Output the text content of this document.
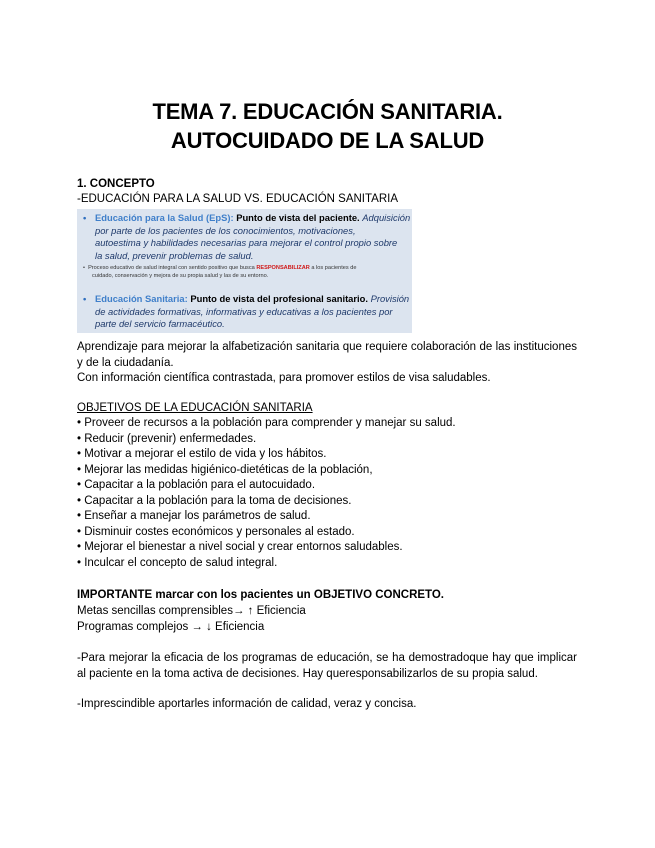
TEMA 7. EDUCACIÓN SANITARIA.
AUTOCUIDADO DE LA SALUD
1. CONCEPTO
-EDUCACIÓN PARA LA SALUD VS. EDUCACIÓN SANITARIA
• Educación para la Salud (EpS): Punto de vista del paciente. Adquisición
por parte de los pacientes de los conocimientos, motivaciones,
autoestima y habilidades necesarias para mejorar el control propio sobre
la salud, prevenir problemas de salud.
•  Proceso educativo de salud integral con sentido positivo que busca RESPONSABILIZAR a los pacientes de
cuidado, conservación y mejora de su propia salud y las de su entorno.
• Educación Sanitaria: Punto de vista del profesional sanitario. Provisión
de actividades formativas, informativas y educativas a los pacientes por
parte del servicio farmacéutico.
Aprendizaje para mejorar la alfabetización sanitaria que requiere colaboración de las instituciones y de la ciudadanía.
Con información científica contrastada, para promover estilos de visa saludables.
OBJETIVOS DE LA EDUCACIÓN SANITARIA
• Proveer de recursos a la población para comprender y manejar su salud.
• Reducir (prevenir) enfermedades.
• Motivar a mejorar el estilo de vida y los hábitos.
• Mejorar las medidas higiénico-dietéticas de la población,
• Capacitar a la población para el autocuidado.
• Capacitar a la población para la toma de decisiones.
• Enseñar a manejar los parámetros de salud.
• Disminuir costes económicos y personales al estado.
• Mejorar el bienestar a nivel social y crear entornos saludables.
• Inculcar el concepto de salud integral.
IMPORTANTE marcar con los pacientes un OBJETIVO CONCRETO.
Metas sencillas comprensibles→ ↑ Eficiencia
Programas complejos → ↓ Eficiencia
-Para mejorar la eficacia de los programas de educación, se ha demostradoque hay que implicar al paciente en la toma activa de decisiones. Hay queresponsabilizarlos de su propia salud.
-Imprescindible aportarles información de calidad, veraz y concisa.
